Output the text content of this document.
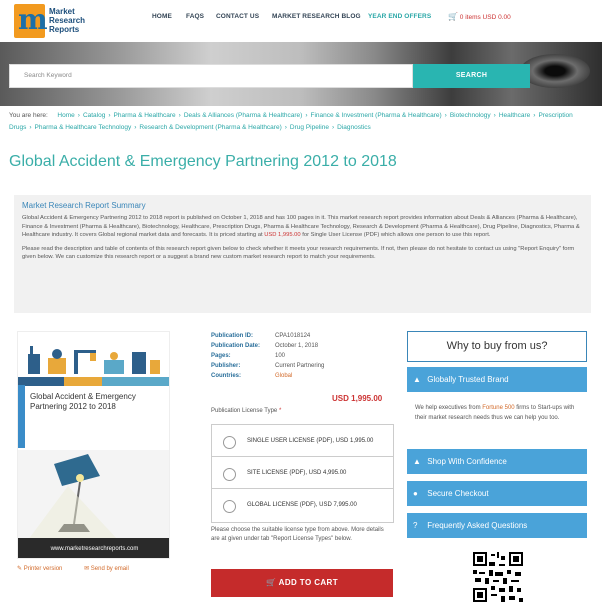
m Market
Research
Reports
HOME FAQS CONTACT US MARKET RESEARCH BLOG YEAR END OFFERS 🛒 0 items USD 0.00
Search Keyword	SEARCH
You are here: Home › Catalog › Pharma & Healthcare › Deals & Alliances (Pharma & Healthcare) › Finance & Investment (Pharma & Healthcare) › Biotechnology › Healthcare › Prescription Drugs › Pharma & Healthcare Technology › Research & Development (Pharma & Healthcare) › Drug Pipeline › Diagnostics
Global Accident & Emergency Partnering 2012 to 2018
Market Research Report Summary

Global Accident & Emergency Partnering 2012 to 2018 report is published on October 1, 2018 and has 100 pages in it. This market research report provides information about Deals & Alliances (Pharma & Healthcare), Finance & Investment (Pharma & Healthcare), Biotechnology, Healthcare, Prescription Drugs, Pharma & Healthcare Technology, Research & Development (Pharma & Healthcare), Drug Pipeline, Diagnostics, Pharma & Healthcare industry. It covers Global regional market data and forecasts. It is priced starting at USD 1,995.00 for Single User License (PDF) which allows one person to use this report.

Please read the description and table of contents of this research report given below to check whether it meets your research requirements. If not, then please do not hesitate to contact us using "Report Enquiry" form given below. We can customize this research report or a suggest a brand new custom market research report to match your requirements.

Global Accident & Emergency Partnering 2012 to 2018
www.marketresearchreports.com
✎ Printer version	✉ Send by email
Publication ID:	CPA1018124
Publication Date:	October 1, 2018
Pages:	100
Publisher:	Current Partnering
Countries:	Global
USD 1,995.00
Publication License Type *
SINGLE USER LICENSE (PDF), USD 1,995.00
SITE LICENSE (PDF), USD 4,995.00
GLOBAL LICENSE (PDF), USD 7,995.00
Please choose the suitable license type from above. More details are at given under tab "Report License Types" below.
🛒 ADD TO CART
Why to buy from us?
▲ Globally Trusted Brand
We help executives from Fortune 500 firms to Start-ups with their market research needs thus we can help you too.
▲ Shop With Confidence
● Secure Checkout
? Frequently Asked Questions
